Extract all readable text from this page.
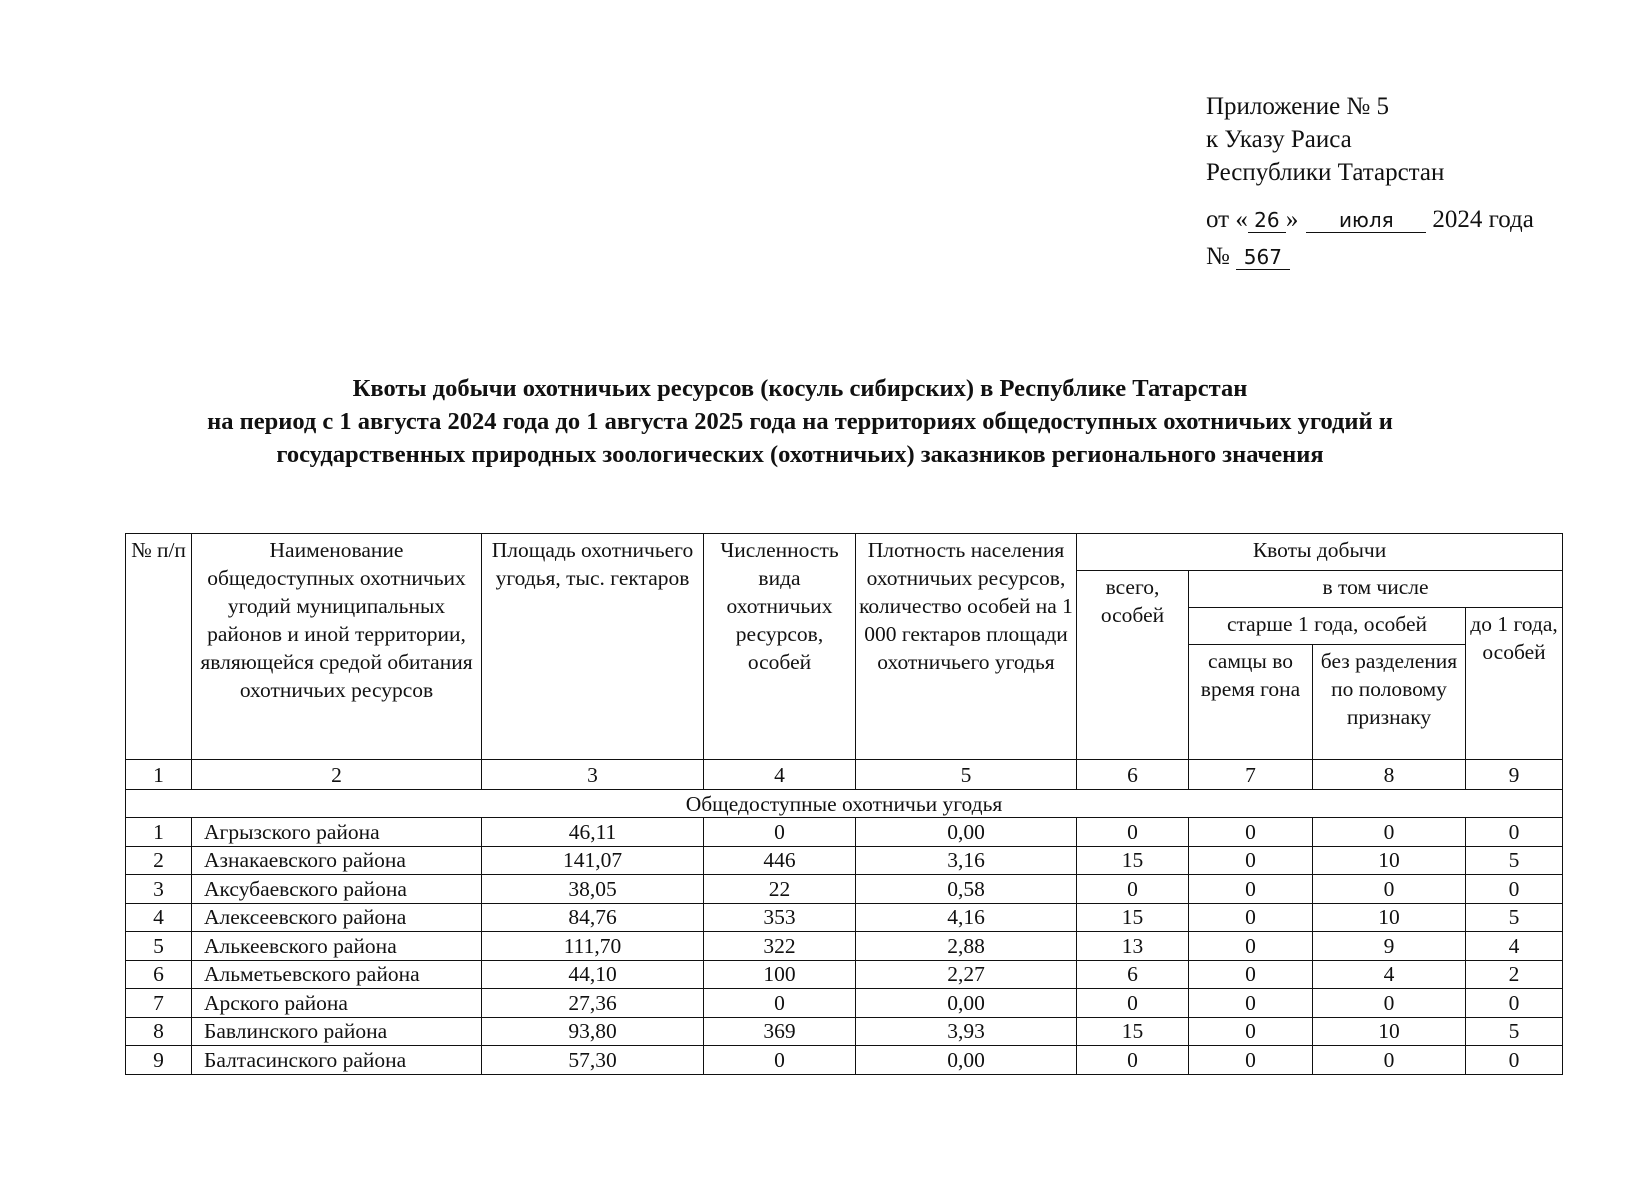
Приложение № 5
к Указу Раиса
Республики Татарстан
от « 26 » июля 2024 года
№ 567
Квоты добычи охотничьих ресурсов (косуль сибирских) в Республике Татарстан
на период с 1 августа 2024 года до 1 августа 2025 года на территориях общедоступных охотничьих угодий и
государственных природных зоологических (охотничьих) заказников регионального значения
№ п/п	Наименование общедоступных охотничьих угодий муниципальных районов и иной территории, являющейся средой обитания охотничьих ресурсов	Площадь охотничьего угодья, тыс. гектаров	Численность вида охотничьих ресурсов, особей	Плотность населения охотничьих ресурсов, количество особей на 1 000 гектаров площади охотничьего угодья	Квоты добычи			
					всего, особей	в том числе		
						старше 1 года, особей		до 1 года, особей
						самцы во время гона	без разделения по половому признаку	
1	2	3	4	5	6	7	8	9
Общедоступные охотничьи угодья								
1	Агрызского района	46,11	0	0,00	0	0	0	0
2	Азнакаевского района	141,07	446	3,16	15	0	10	5
3	Аксубаевского района	38,05	22	0,58	0	0	0	0
4	Алексеевского района	84,76	353	4,16	15	0	10	5
5	Алькеевского района	111,70	322	2,88	13	0	9	4
6	Альметьевского района	44,10	100	2,27	6	0	4	2
7	Арского района	27,36	0	0,00	0	0	0	0
8	Бавлинского района	93,80	369	3,93	15	0	10	5
9	Балтасинского района	57,30	0	0,00	0	0	0	0
